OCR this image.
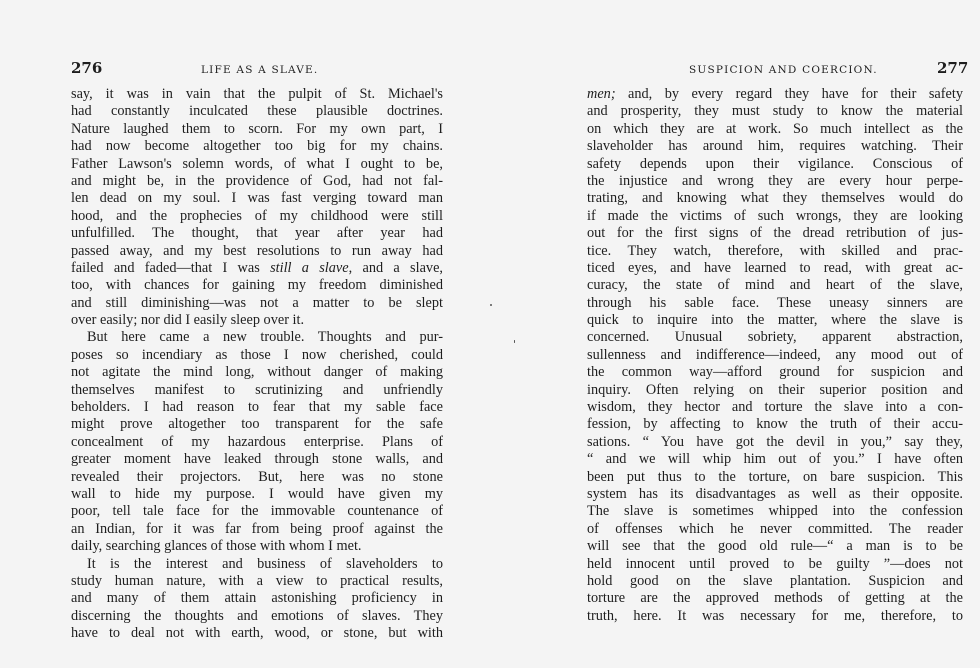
276	LIFE AS A SLAVE.
say, it was in vain that the pulpit of St. Michael's
had constantly inculcated these plausible doctrines.
Nature laughed them to scorn. For my own part, I
had now become altogether too big for my chains.
Father Lawson's solemn words, of what I ought to be,
and might be, in the providence of God, had not fal-
len dead on my soul. I was fast verging toward man
hood, and the prophecies of my childhood were still
unfulfilled. The thought, that year after year had
passed away, and my best resolutions to run away had
failed and faded—that I was still a slave, and a slave,
too, with chances for gaining my freedom diminished
and still diminishing—was not a matter to be slept
over easily; nor did I easily sleep over it.
But here came a new trouble. Thoughts and pur-
poses so incendiary as those I now cherished, could
not agitate the mind long, without danger of making
themselves manifest to scrutinizing and unfriendly
beholders. I had reason to fear that my sable face
might prove altogether too transparent for the safe
concealment of my hazardous enterprise. Plans of
greater moment have leaked through stone walls, and
revealed their projectors. But, here was no stone
wall to hide my purpose. I would have given my
poor, tell tale face for the immovable countenance of
an Indian, for it was far from being proof against the
daily, searching glances of those with whom I met.
It is the interest and business of slaveholders to
study human nature, with a view to practical results,
and many of them attain astonishing proficiency in
discerning the thoughts and emotions of slaves. They
have to deal not with earth, wood, or stone, but with
SUSPICION AND COERCION.	277
men; and, by every regard they have for their safety
and prosperity, they must study to know the material
on which they are at work. So much intellect as the
slaveholder has around him, requires watching. Their
safety depends upon their vigilance. Conscious of
the injustice and wrong they are every hour perpe-
trating, and knowing what they themselves would do
if made the victims of such wrongs, they are looking
out for the first signs of the dread retribution of jus-
tice. They watch, therefore, with skilled and prac-
ticed eyes, and have learned to read, with great ac-
curacy, the state of mind and heart of the slave,
through his sable face. These uneasy sinners are
quick to inquire into the matter, where the slave is
concerned. Unusual sobriety, apparent abstraction,
sullenness and indifference—indeed, any mood out of
the common way—afford ground for suspicion and
inquiry. Often relying on their superior position and
wisdom, they hector and torture the slave into a con-
fession, by affecting to know the truth of their accu-
sations. “ You have got the devil in you,” say they,
“ and we will whip him out of you.” I have often
been put thus to the torture, on bare suspicion. This
system has its disadvantages as well as their opposite.
The slave is sometimes whipped into the confession
of offenses which he never committed. The reader
will see that the good old rule—“ a man is to be
held innocent until proved to be guilty ”—does not
hold good on the slave plantation. Suspicion and
torture are the approved methods of getting at the
truth, here. It was necessary for me, therefore, to
